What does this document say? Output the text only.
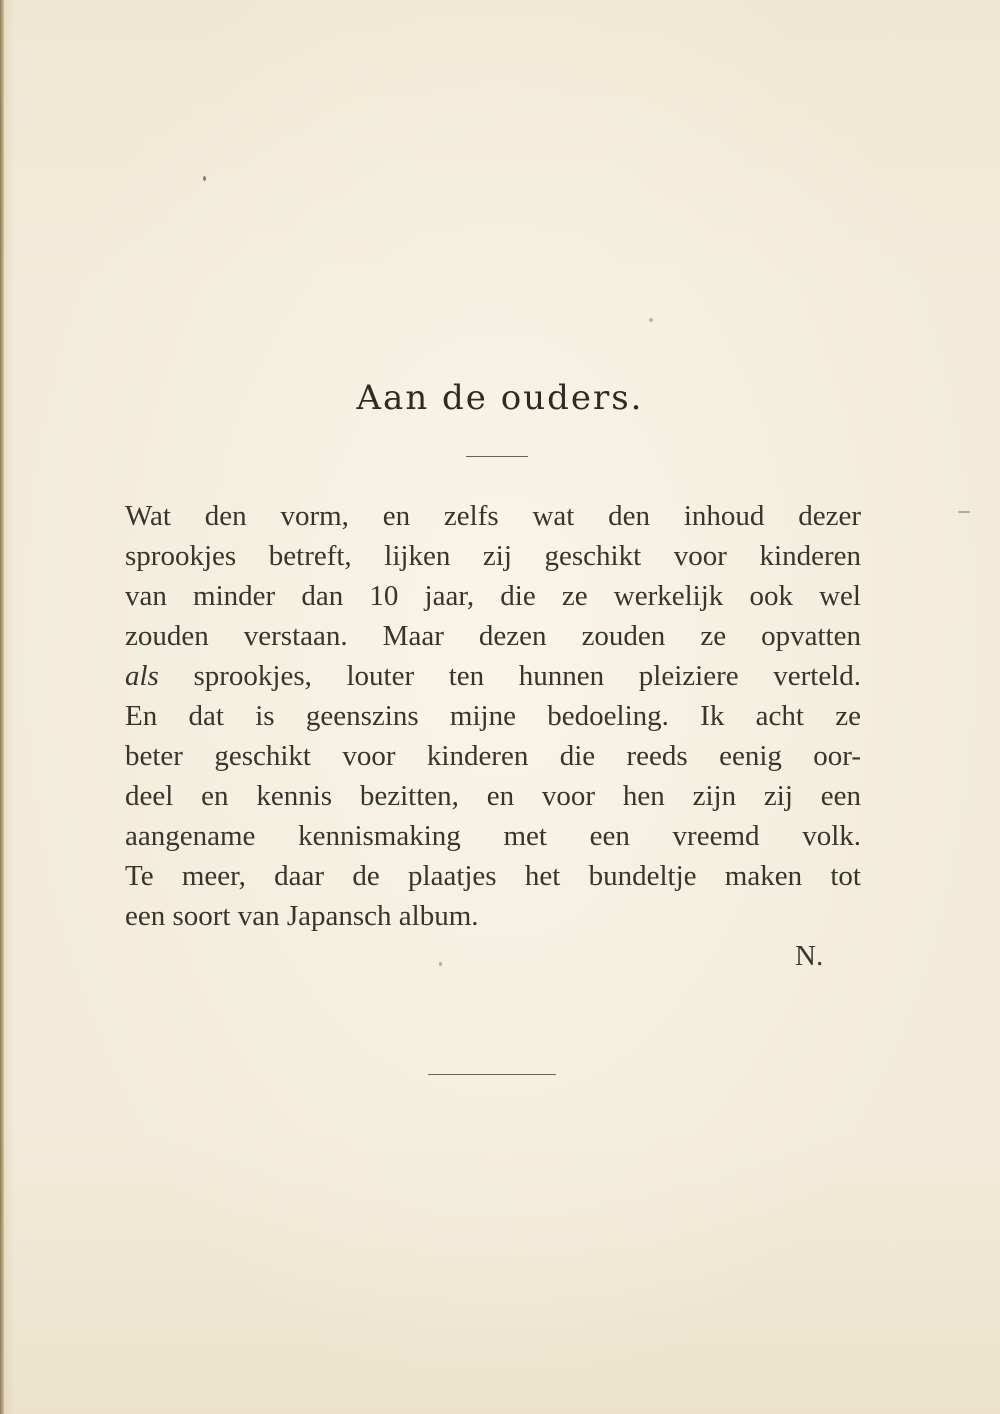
Aan de ouders.
Wat den vorm, en zelfs wat den inhoud dezer
sprookjes betreft, lijken zij geschikt voor kinderen
van minder dan 10 jaar, die ze werkelijk ook wel
zouden verstaan. Maar dezen zouden ze opvatten
als sprookjes, louter ten hunnen pleiziere verteld.
En dat is geenszins mijne bedoeling. Ik acht ze
beter geschikt voor kinderen die reeds eenig oor-
deel en kennis bezitten, en voor hen zijn zij een
aangename kennismaking met een vreemd volk.
Te meer, daar de plaatjes het bundeltje maken tot
een soort van Japansch album.
N.
